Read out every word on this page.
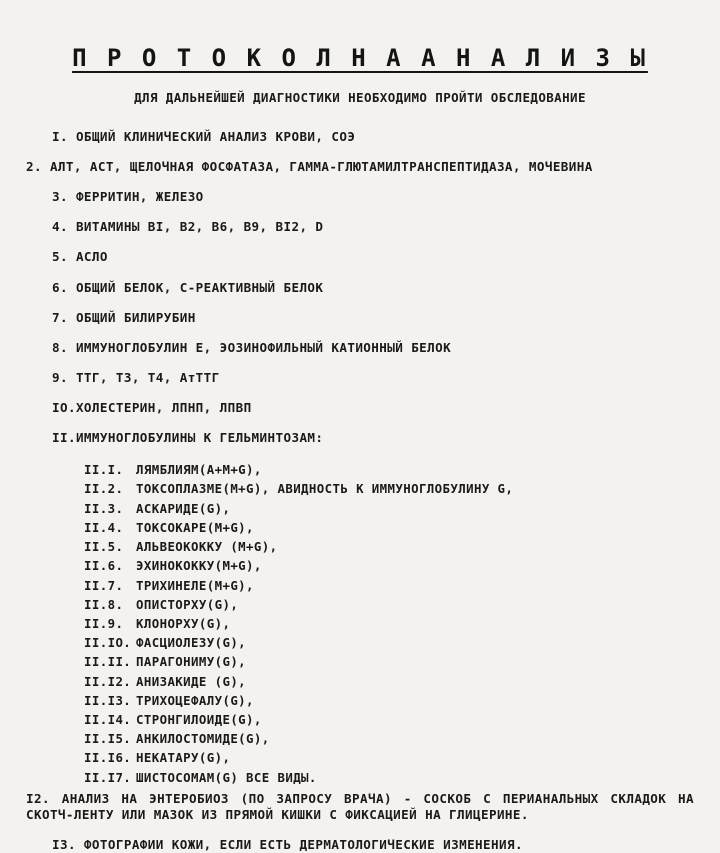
П Р О Т О К О Л Н А А Н А Л И З Ы
ДЛЯ ДАЛЬНЕЙШЕЙ ДИАГНОСТИКИ НЕОБХОДИМО ПРОЙТИ ОБСЛЕДОВАНИЕ
I. ОБЩИЙ КЛИНИЧЕСКИЙ АНАЛИЗ КРОВИ, СОЭ
2. АЛТ, АСТ, ЩЕЛОЧНАЯ ФОСФАТАЗА, ГАММА-ГЛЮТАМИЛТРАНСПЕПТИДАЗА, МОЧЕВИНА
3. ФЕРРИТИН, ЖЕЛЕЗО
4. ВИТАМИНЫ BI, B2, B6, B9, BI2, D
5. АСЛО
6. ОБЩИЙ БЕЛОК, С-РЕАКТИВНЫЙ БЕЛОК
7. ОБЩИЙ БИЛИРУБИН
8. ИММУНОГЛОБУЛИН Е, ЭОЗИНОФИЛЬНЫЙ КАТИОННЫЙ БЕЛОК
9. ТТГ, Т3, Т4, АтТТГ
IO.ХОЛЕСТЕРИН, ЛПНП, ЛПВП
II.ИММУНОГЛОБУЛИНЫ К ГЕЛЬМИНТОЗАМ:
II.I. ЛЯМБЛИЯМ(A+M+G),
II.2. ТОКСОПЛАЗМЕ(M+G), АВИДНОСТЬ К ИММУНОГЛОБУЛИНУ G,
II.3. АСКАРИДЕ(G),
II.4. ТОКСОКАРЕ(M+G),
II.5. АЛЬВЕОКОККУ (M+G),
II.6. ЭХИНОКОККУ(M+G),
II.7. ТРИХИНЕЛЕ(M+G),
II.8. ОПИСТОРХУ(G),
II.9. КЛОНОРХУ(G),
II.IO. ФАСЦИОЛЕЗУ(G),
II.II. ПАРАГОНИМУ(G),
II.I2. АНИЗАКИДЕ (G),
II.I3. ТРИХОЦЕФАЛУ(G),
II.I4. СТРОНГИЛОИДЕ(G),
II.I5. АНКИЛОСТОМИДЕ(G),
II.I6. НЕКАТАРУ(G),
II.I7. ШИСТОСОМАМ(G) ВСЕ ВИДЫ.
I2. АНАЛИЗ НА ЭНТЕРОБИОЗ (ПО ЗАПРОСУ ВРАЧА) - СОСКОБ С ПЕРИАНАЛЬНЫХ СКЛАДОК НА СКОТЧ-ЛЕНТУ ИЛИ МАЗОК ИЗ ПРЯМОЙ КИШКИ С ФИКСАЦИЕЙ НА ГЛИЦЕРИНЕ.
I3. ФОТОГРАФИИ КОЖИ, ЕСЛИ ЕСТЬ ДЕРМАТОЛОГИЧЕСКИЕ ИЗМЕНЕНИЯ.
